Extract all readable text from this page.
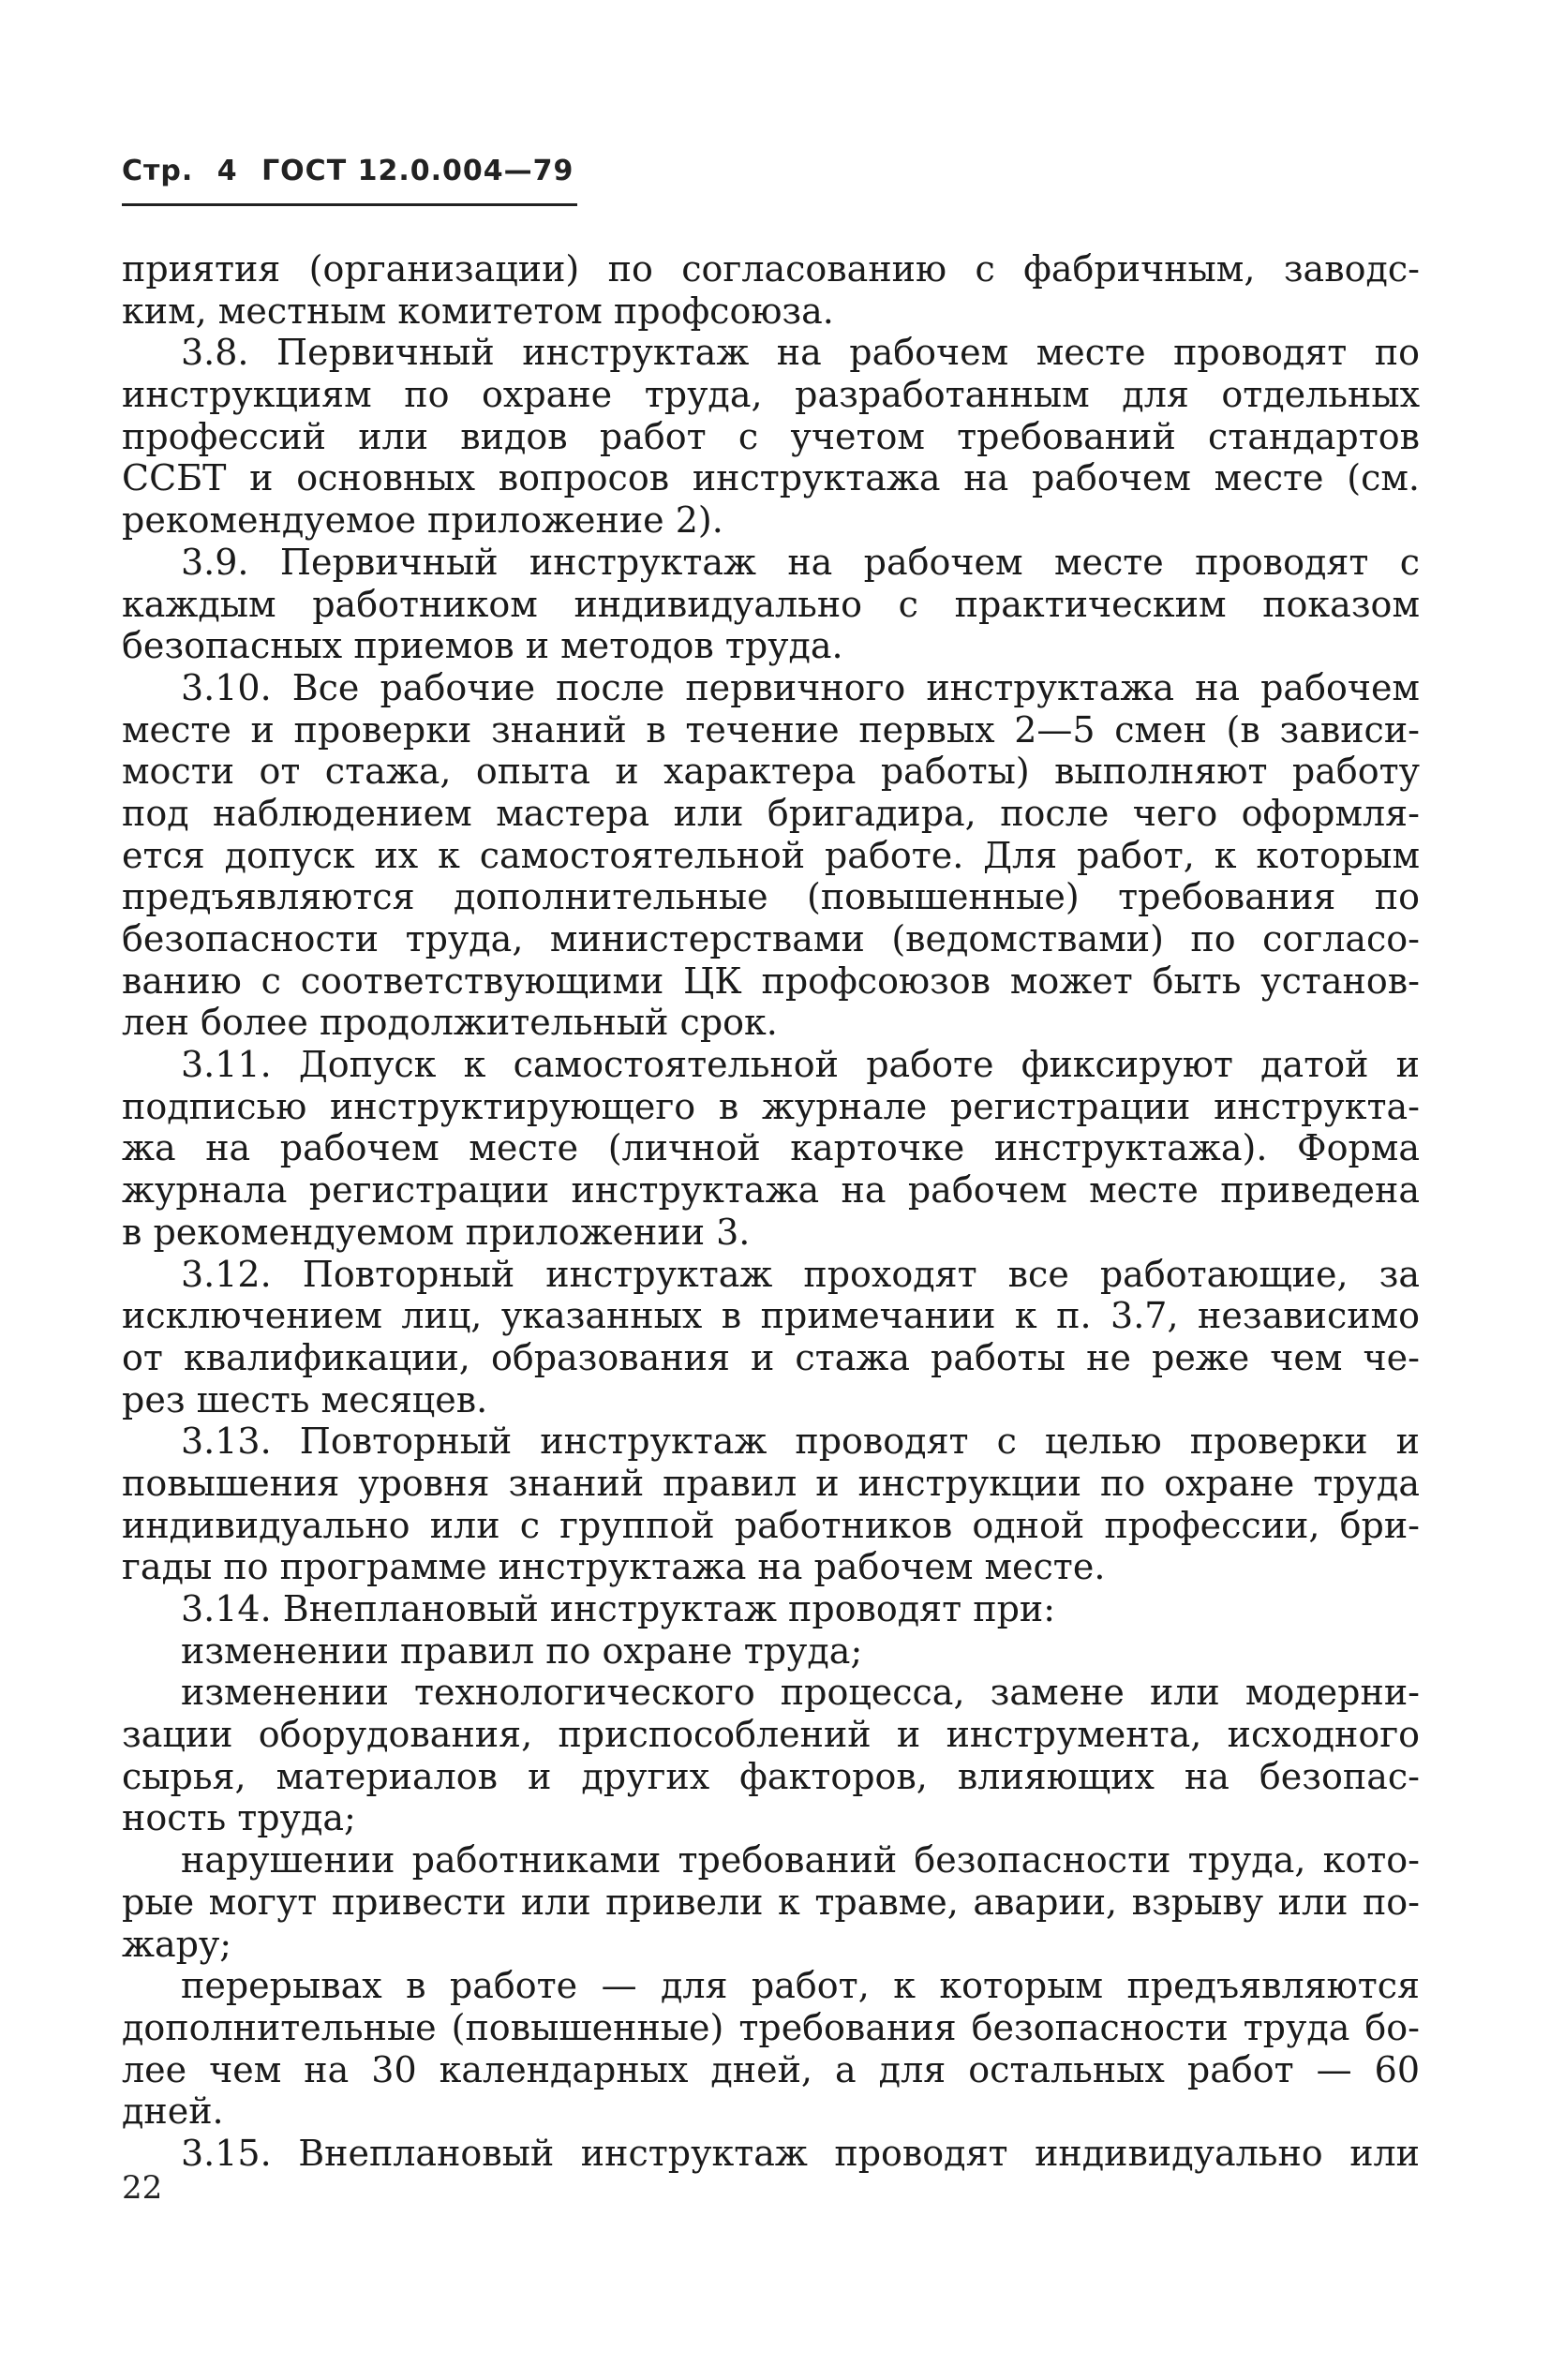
Стр. 4 ГОСТ 12.0.004—79
приятия (организации) по согласованию с фабричным, заводс-
ким, местным комитетом профсоюза.
3.8. Первичный инструктаж на рабочем месте проводят по
инструкциям по охране труда, разработанным для отдельных
профессий или видов работ с учетом требований стандартов
ССБТ и основных вопросов инструктажа на рабочем месте (см.
рекомендуемое приложение 2).
3.9. Первичный инструктаж на рабочем месте проводят с
каждым работником индивидуально с практическим показом
безопасных приемов и методов труда.
3.10. Все рабочие после первичного инструктажа на рабочем
месте и проверки знаний в течение первых 2—5 смен (в зависи-
мости от стажа, опыта и характера работы) выполняют работу
под наблюдением мастера или бригадира, после чего оформля-
ется допуск их к самостоятельной работе. Для работ, к которым
предъявляются дополнительные (повышенные) требования по
безопасности труда, министерствами (ведомствами) по согласо-
ванию с соответствующими ЦК профсоюзов может быть установ-
лен более продолжительный срок.
3.11. Допуск к самостоятельной работе фиксируют датой и
подписью инструктирующего в журнале регистрации инструкта-
жа на рабочем месте (личной карточке инструктажа). Форма
журнала регистрации инструктажа на рабочем месте приведена
в рекомендуемом приложении 3.
3.12. Повторный инструктаж проходят все работающие, за
исключением лиц, указанных в примечании к п. 3.7, независимо
от квалификации, образования и стажа работы не реже чем че-
рез шесть месяцев.
3.13. Повторный инструктаж проводят с целью проверки и
повышения уровня знаний правил и инструкции по охране труда
индивидуально или с группой работников одной профессии, бри-
гады по программе инструктажа на рабочем месте.
3.14. Внеплановый инструктаж проводят при:
изменении правил по охране труда;
изменении технологического процесса, замене или модерни-
зации оборудования, приспособлений и инструмента, исходного
сырья, материалов и других факторов, влияющих на безопас-
ность труда;
нарушении работниками требований безопасности труда, кото-
рые могут привести или привели к травме, аварии, взрыву или по-
жару;
перерывах в работе — для работ, к которым предъявляются
дополнительные (повышенные) требования безопасности труда бо-
лее чем на 30 календарных дней, а для остальных работ — 60
дней.
3.15. Внеплановый инструктаж проводят индивидуально или
22
